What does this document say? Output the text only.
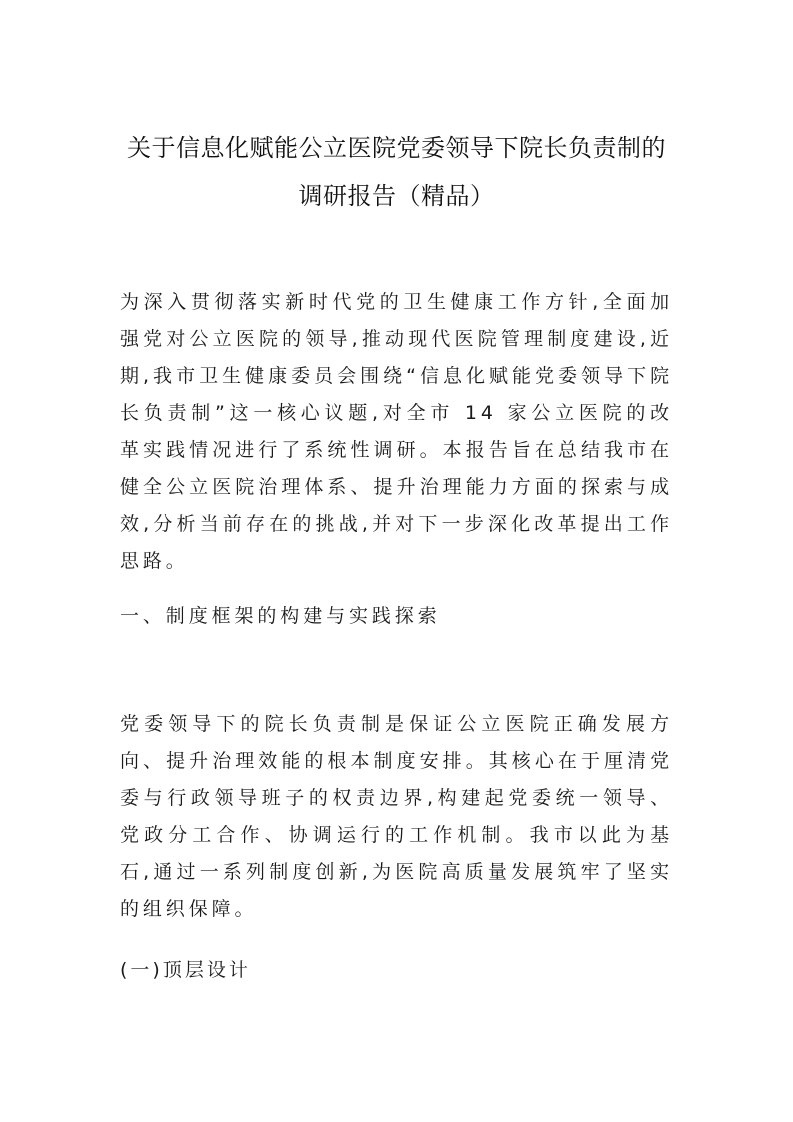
关于信息化赋能公立医院党委领导下院长负责制的
调研报告（精品）

为深入贯彻落实新时代党的卫生健康工作方针,全面加强党对公立医院的领导,推动现代医院管理制度建设,近期,我市卫生健康委员会围绕“信息化赋能党委领导下院长负责制”这一核心议题,对全市 14 家公立医院的改革实践情况进行了系统性调研。本报告旨在总结我市在健全公立医院治理体系、提升治理能力方面的探索与成效,分析当前存在的挑战,并对下一步深化改革提出工作思路。

一、制度框架的构建与实践探索

党委领导下的院长负责制是保证公立医院正确发展方向、提升治理效能的根本制度安排。其核心在于厘清党委与行政领导班子的权责边界,构建起党委统一领导、党政分工合作、协调运行的工作机制。我市以此为基石,通过一系列制度创新,为医院高质量发展筑牢了坚实的组织保障。

(一)顶层设计
